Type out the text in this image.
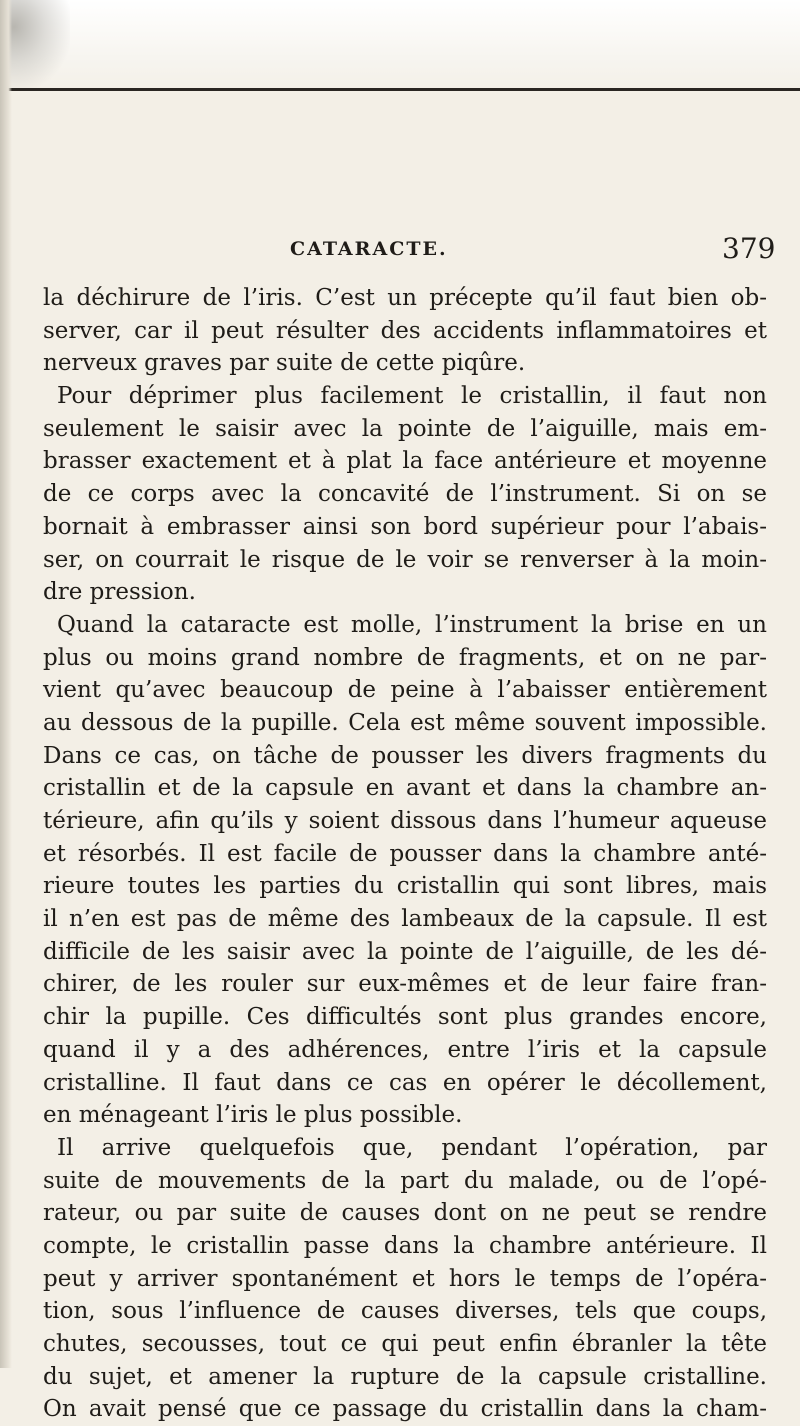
CATARACTE.	379
la déchirure de l’iris. C’est un précepte qu’il faut bien ob-
server, car il peut résulter des accidents inflammatoires et
nerveux graves par suite de cette piqûre.
Pour déprimer plus facilement le cristallin, il faut non
seulement le saisir avec la pointe de l’aiguille, mais em-
brasser exactement et à plat la face antérieure et moyenne
de ce corps avec la concavité de l’instrument. Si on se
bornait à embrasser ainsi son bord supérieur pour l’abais-
ser, on courrait le risque de le voir se renverser à la moin-
dre pression.
Quand la cataracte est molle, l’instrument la brise en un
plus ou moins grand nombre de fragments, et on ne par-
vient qu’avec beaucoup de peine à l’abaisser entièrement
au dessous de la pupille. Cela est même souvent impossible.
Dans ce cas, on tâche de pousser les divers fragments du
cristallin et de la capsule en avant et dans la chambre an-
térieure, afin qu’ils y soient dissous dans l’humeur aqueuse
et résorbés. Il est facile de pousser dans la chambre anté-
rieure toutes les parties du cristallin qui sont libres, mais
il n’en est pas de même des lambeaux de la capsule. Il est
difficile de les saisir avec la pointe de l’aiguille, de les dé-
chirer, de les rouler sur eux-mêmes et de leur faire fran-
chir la pupille. Ces difficultés sont plus grandes encore,
quand il y a des adhérences, entre l’iris et la capsule
cristalline. Il faut dans ce cas en opérer le décollement,
en ménageant l’iris le plus possible.
Il arrive quelquefois que, pendant l’opération, par
suite de mouvements de la part du malade, ou de l’opé-
rateur, ou par suite de causes dont on ne peut se rendre
compte, le cristallin passe dans la chambre antérieure. Il
peut y arriver spontanément et hors le temps de l’opéra-
tion, sous l’influence de causes diverses, tels que coups,
chutes, secousses, tout ce qui peut enfin ébranler la tête
du sujet, et amener la rupture de la capsule cristalline.
On avait pensé que ce passage du cristallin dans la cham-
